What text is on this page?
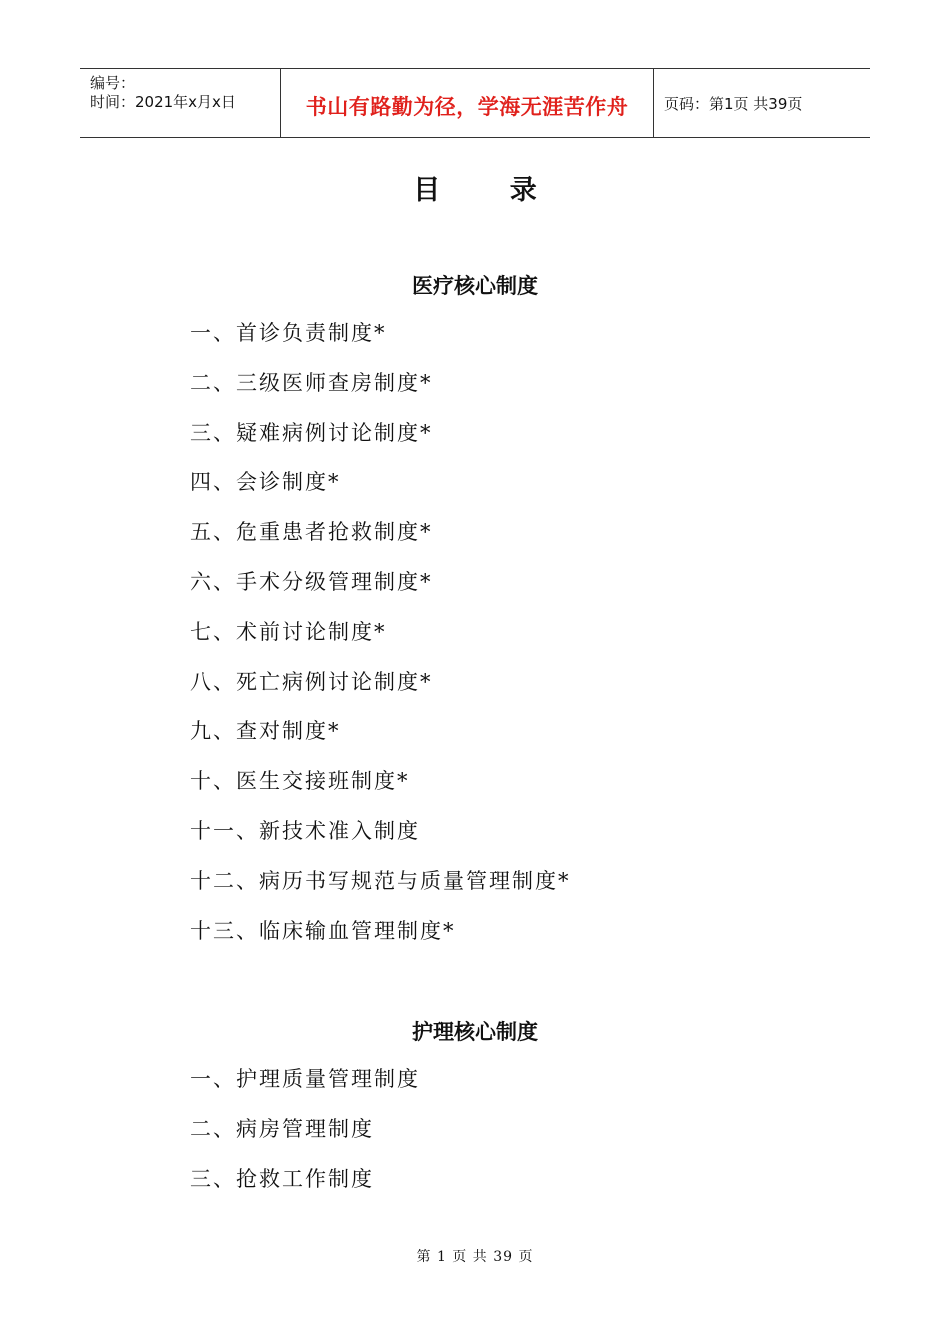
编号：
时间：2021年x月x日	书山有路勤为径，学海无涯苦作舟	页码：第1页 共39页
目 录
医疗核心制度
一、首诊负责制度*
二、三级医师查房制度*
三、疑难病例讨论制度*
四、会诊制度*
五、危重患者抢救制度*
六、手术分级管理制度*
七、术前讨论制度*
八、死亡病例讨论制度*
九、查对制度*
十、医生交接班制度*
十一、新技术准入制度
十二、病历书写规范与质量管理制度*
十三、临床输血管理制度*
护理核心制度
一、护理质量管理制度
二、病房管理制度
三、抢救工作制度
第 1 页 共 39 页
